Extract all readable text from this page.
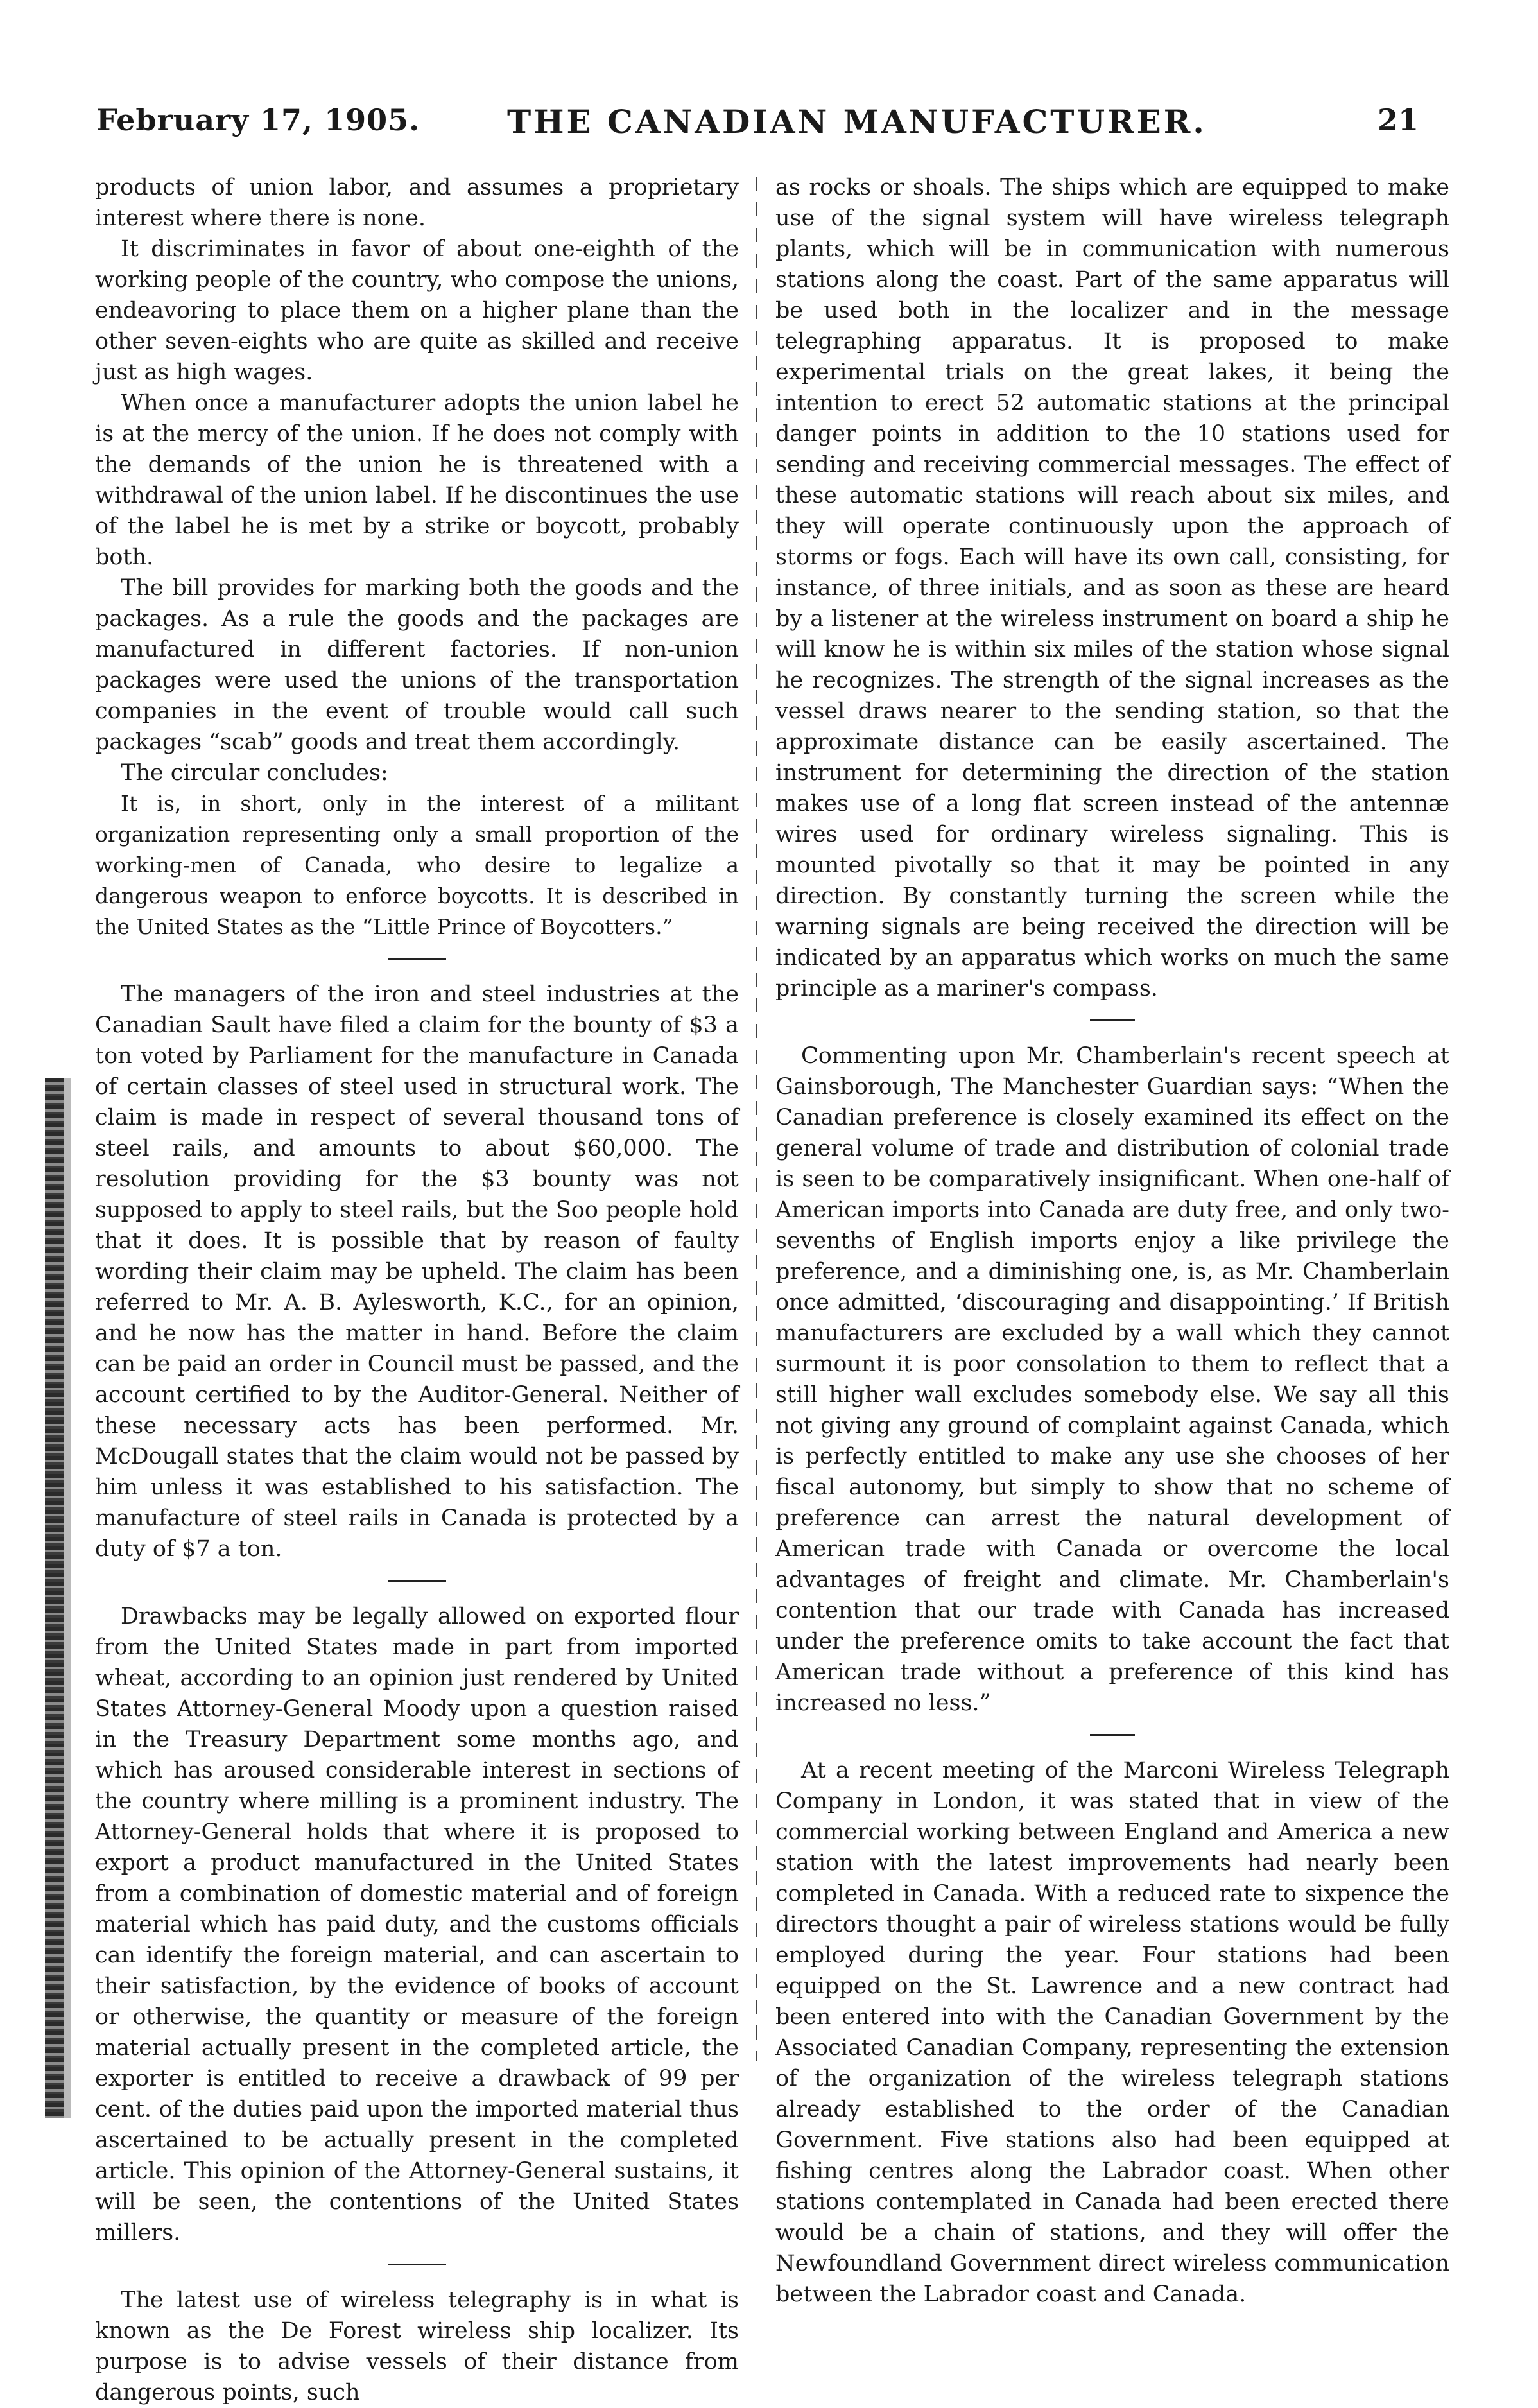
February 17, 1905.	THE CANADIAN MANUFACTURER.	21

products of union labor, and assumes a proprietary interest where there is none.

It discriminates in favor of about one-eighth of the working people of the country, who compose the unions, endeavoring to place them on a higher plane than the other seven-eights who are quite as skilled and receive just as high wages.

When once a manufacturer adopts the union label he is at the mercy of the union. If he does not comply with the demands of the union he is threatened with a withdrawal of the union label. If he discontinues the use of the label he is met by a strike or boycott, probably both.

The bill provides for marking both the goods and the packages. As a rule the goods and the packages are manufactured in different factories. If non-union packages were used the unions of the transportation companies in the event of trouble would call such packages “scab” goods and treat them accordingly.

The circular concludes:

It is, in short, only in the interest of a militant organization representing only a small proportion of the working-men of Canada, who desire to legalize a dangerous weapon to enforce boycotts. It is described in the United States as the “Little Prince of Boycotters.”

The managers of the iron and steel industries at the Canadian Sault have filed a claim for the bounty of $3 a ton voted by Parliament for the manufacture in Canada of certain classes of steel used in structural work. The claim is made in respect of several thousand tons of steel rails, and amounts to about $60,000. The resolution providing for the $3 bounty was not supposed to apply to steel rails, but the Soo people hold that it does. It is possible that by reason of faulty wording their claim may be upheld. The claim has been referred to Mr. A. B. Aylesworth, K.C., for an opinion, and he now has the matter in hand. Before the claim can be paid an order in Council must be passed, and the account certified to by the Auditor-General. Neither of these necessary acts has been performed. Mr. McDougall states that the claim would not be passed by him unless it was established to his satisfaction. The manufacture of steel rails in Canada is protected by a duty of $7 a ton.

Drawbacks may be legally allowed on exported flour from the United States made in part from imported wheat, according to an opinion just rendered by United States Attorney-General Moody upon a question raised in the Treasury Department some months ago, and which has aroused considerable interest in sections of the country where milling is a prominent industry. The Attorney-General holds that where it is proposed to export a product manufactured in the United States from a combination of domestic material and of foreign material which has paid duty, and the customs officials can identify the foreign material, and can ascertain to their satisfaction, by the evidence of books of account or otherwise, the quantity or measure of the foreign material actually present in the completed article, the exporter is entitled to receive a drawback of 99 per cent. of the duties paid upon the imported material thus ascertained to be actually present in the completed article. This opinion of the Attorney-General sustains, it will be seen, the contentions of the United States millers.

The latest use of wireless telegraphy is in what is known as the De Forest wireless ship localizer. Its purpose is to advise vessels of their distance from dangerous points, such

as rocks or shoals. The ships which are equipped to make use of the signal system will have wireless telegraph plants, which will be in communication with numerous stations along the coast. Part of the same apparatus will be used both in the localizer and in the message telegraphing apparatus. It is proposed to make experimental trials on the great lakes, it being the intention to erect 52 automatic stations at the principal danger points in addition to the 10 stations used for sending and receiving commercial messages. The effect of these automatic stations will reach about six miles, and they will operate continuously upon the approach of storms or fogs. Each will have its own call, consisting, for instance, of three initials, and as soon as these are heard by a listener at the wireless instrument on board a ship he will know he is within six miles of the station whose signal he recognizes. The strength of the signal increases as the vessel draws nearer to the sending station, so that the approximate distance can be easily ascertained. The instrument for determining the direction of the station makes use of a long flat screen instead of the antennæ wires used for ordinary wireless signaling. This is mounted pivotally so that it may be pointed in any direction. By constantly turning the screen while the warning signals are being received the direction will be indicated by an apparatus which works on much the same principle as a mariner's compass.

Commenting upon Mr. Chamberlain's recent speech at Gainsborough, The Manchester Guardian says: “When the Canadian preference is closely examined its effect on the general volume of trade and distribution of colonial trade is seen to be comparatively insignificant. When one-half of American imports into Canada are duty free, and only two-sevenths of English imports enjoy a like privilege the preference, and a diminishing one, is, as Mr. Chamberlain once admitted, ‘discouraging and disappointing.’ If British manufacturers are excluded by a wall which they cannot surmount it is poor consolation to them to reflect that a still higher wall excludes somebody else. We say all this not giving any ground of complaint against Canada, which is perfectly entitled to make any use she chooses of her fiscal autonomy, but simply to show that no scheme of preference can arrest the natural development of American trade with Canada or overcome the local advantages of freight and climate. Mr. Chamberlain's contention that our trade with Canada has increased under the preference omits to take account the fact that American trade without a preference of this kind has increased no less.”

At a recent meeting of the Marconi Wireless Telegraph Company in London, it was stated that in view of the commercial working between England and America a new station with the latest improvements had nearly been completed in Canada. With a reduced rate to sixpence the directors thought a pair of wireless stations would be fully employed during the year. Four stations had been equipped on the St. Lawrence and a new contract had been entered into with the Canadian Government by the Associated Canadian Company, representing the extension of the organization of the wireless telegraph stations already established to the order of the Canadian Government. Five stations also had been equipped at fishing centres along the Labrador coast. When other stations contemplated in Canada had been erected there would be a chain of stations, and they will offer the Newfoundland Government direct wireless communication between the Labrador coast and Canada.
